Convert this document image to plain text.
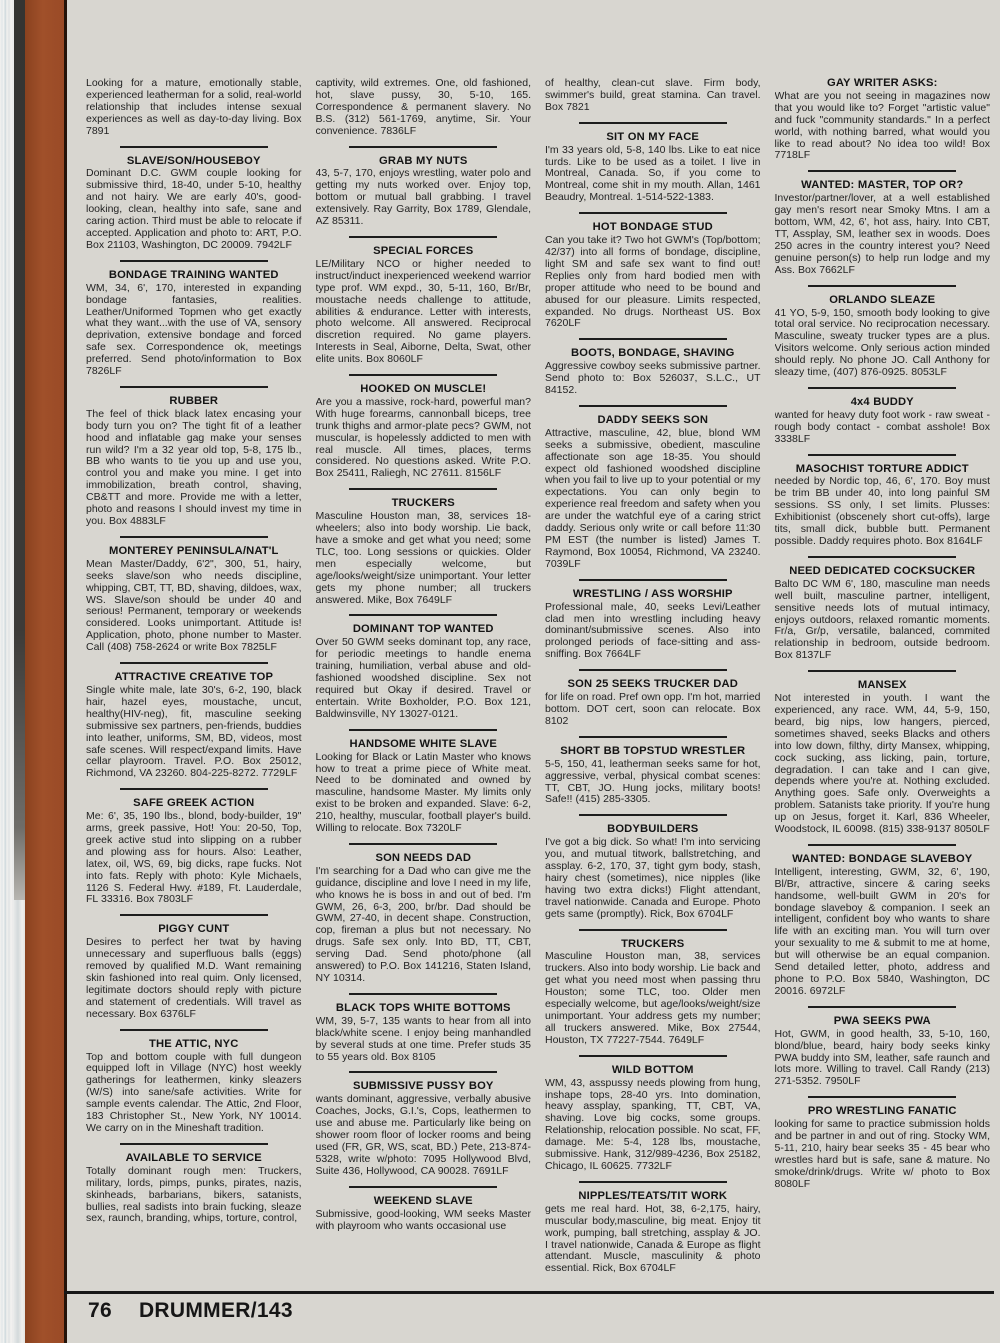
Looking for a mature, emotionally stable, experienced leatherman for a solid, real-world relationship that includes intense sexual experiences as well as day-to-day living. Box 7891

SLAVE/SON/HOUSEBOY

Dominant D.C. GWM couple looking for submissive third, 18-40, under 5-10, healthy and not hairy. We are early 40's, good-looking, clean, healthy into safe, sane and caring action. Third must be able to relocate if accepted. Application and photo to: ART, P.O. Box 21103, Washington, DC 20009. 7942LF

BONDAGE TRAINING WANTED

WM, 34, 6', 170, interested in expanding bondage fantasies, realities. Leather/Uniformed Topmen who get exactly what they want...with the use of VA, sensory deprivation, extensive bondage and forced safe sex. Correspondence ok, meetings preferred. Send photo/information to Box 7826LF

RUBBER

The feel of thick black latex encasing your body turn you on? The tight fit of a leather hood and inflatable gag make your senses run wild? I'm a 32 year old top, 5-8, 175 lb., BB who wants to tie you up and use you, control you and make you mine. I get into immobilization, breath control, shaving, CB&TT and more. Provide me with a letter, photo and reasons I should invest my time in you. Box 4883LF

MONTEREY PENINSULA/NAT'L

Mean Master/Daddy, 6'2", 300, 51, hairy, seeks slave/son who needs discipline, whipping, CBT, TT, BD, shaving, dildoes, wax, WS. Slave/son should be under 40 and serious! Permanent, temporary or weekends considered. Looks unimportant. Attitude is! Application, photo, phone number to Master. Call (408) 758-2624 or write Box 7825LF

ATTRACTIVE CREATIVE TOP

Single white male, late 30's, 6-2, 190, black hair, hazel eyes, moustache, uncut, healthy(HIV-neg), fit, masculine seeking submissive sex partners, pen-friends, buddies into leather, uniforms, SM, BD, videos, most safe scenes. Will respect/expand limits. Have cellar playroom. Travel. P.O. Box 25012, Richmond, VA 23260. 804-225-8272. 7729LF

SAFE GREEK ACTION

Me: 6', 35, 190 lbs., blond, body-builder, 19" arms, greek passive, Hot! You: 20-50, Top, greek active stud into slipping on a rubber and plowing ass for hours. Also: Leather, latex, oil, WS, 69, big dicks, rape fucks. Not into fats. Reply with photo: Kyle Michaels, 1126 S. Federal Hwy. #189, Ft. Lauderdale, FL 33316. Box 7803LF

PIGGY CUNT

Desires to perfect her twat by having unnecessary and superfluous balls (eggs) removed by qualified M.D. Want remaining skin fashioned into real quim. Only licensed, legitimate doctors should reply with picture and statement of credentials. Will travel as necessary. Box 6376LF

THE ATTIC, NYC

Top and bottom couple with full dungeon equipped loft in Village (NYC) host weekly gatherings for leathermen, kinky sleazers (W/S) into sane/safe activities. Write for sample events calendar. The Attic, 2nd Floor, 183 Christopher St., New York, NY 10014. We carry on in the Mineshaft tradition.

AVAILABLE TO SERVICE

Totally dominant rough men: Truckers, military, lords, pimps, punks, pirates, nazis, skinheads, barbarians, bikers, satanists, bullies, real sadists into brain fucking, sleaze sex, raunch, branding, whips, torture, control,

captivity, wild extremes. One, old fashioned, hot, slave pussy, 30, 5-10, 165. Correspondence & permanent slavery. No B.S. (312) 561-1769, anytime, Sir. Your convenience. 7836LF

GRAB MY NUTS

43, 5-7, 170, enjoys wrestling, water polo and getting my nuts worked over. Enjoy top, bottom or mutual ball grabbing. I travel extensively. Ray Garrity, Box 1789, Glendale, AZ 85311.

SPECIAL FORCES

LE/Military NCO or higher needed to instruct/induct inexperienced weekend warrior type prof. WM expd., 30, 5-11, 160, Br/Br, moustache needs challenge to attitude, abilities & endurance. Letter with interests, photo welcome. All answered. Reciprocal discretion required. No game players. Interests in Seal, Aiborne, Delta, Swat, other elite units. Box 8060LF

HOOKED ON MUSCLE!

Are you a massive, rock-hard, powerful man? With huge forearms, cannonball biceps, tree trunk thighs and armor-plate pecs? GWM, not muscular, is hopelessly addicted to men with real muscle. All times, places, terms considered. No questions asked. Write P.O. Box 25411, Raliegh, NC 27611. 8156LF

TRUCKERS

Masculine Houston man, 38, services 18-wheelers; also into body worship. Lie back, have a smoke and get what you need; some TLC, too. Long sessions or quickies. Older men especially welcome, but age/looks/weight/size unimportant. Your letter gets my phone number; all truckers answered. Mike, Box 7649LF

DOMINANT TOP WANTED

Over 50 GWM seeks dominant top, any race, for periodic meetings to handle enema training, humiliation, verbal abuse and old-fashioned woodshed discipline. Sex not required but Okay if desired. Travel or entertain. Write Boxholder, P.O. Box 121, Baldwinsville, NY 13027-0121.

HANDSOME WHITE SLAVE

Looking for Black or Latin Master who knows how to treat a prime piece of White meat. Need to be dominated and owned by masculine, handsome Master. My limits only exist to be broken and expanded. Slave: 6-2, 210, healthy, muscular, football player's build. Willing to relocate. Box 7320LF

SON NEEDS DAD

I'm searching for a Dad who can give me the guidance, discipline and love I need in my life, who knows he is boss in and out of bed. I'm GWM, 26, 6-3, 200, br/br. Dad should be GWM, 27-40, in decent shape. Construction, cop, fireman a plus but not necessary. No drugs. Safe sex only. Into BD, TT, CBT, serving Dad. Send photo/phone (all answered) to P.O. Box 141216, Staten Island, NY 10314.

BLACK TOPS WHITE BOTTOMS

WM, 39, 5-7, 135 wants to hear from all into black/white scene. I enjoy being manhandled by several studs at one time. Prefer studs 35 to 55 years old. Box 8105

SUBMISSIVE PUSSY BOY

wants dominant, aggressive, verbally abusive Coaches, Jocks, G.I.'s, Cops, leathermen to use and abuse me. Particularly like being on shower room floor of locker rooms and being used (FR, GR, WS, scat, BD.) Pete, 213-874-5328, write w/photo: 7095 Hollywood Blvd, Suite 436, Hollywood, CA 90028. 7691LF

WEEKEND SLAVE

Submissive, good-looking, WM seeks Master with playroom who wants occasional use

of healthy, clean-cut slave. Firm body, swimmer's build, great stamina. Can travel. Box 7821

SIT ON MY FACE

I'm 33 years old, 5-8, 140 lbs. Like to eat nice turds. Like to be used as a toilet. I live in Montreal, Canada. So, if you come to Montreal, come shit in my mouth. Allan, 1461 Beaudry, Montreal. 1-514-522-1383.

HOT BONDAGE STUD

Can you take it? Two hot GWM's (Top/bottom; 42/37) into all forms of bondage, discipline, light SM and safe sex want to find out! Replies only from hard bodied men with proper attitude who need to be bound and abused for our pleasure. Limits respected, expanded. No drugs. Northeast US. Box 7620LF

BOOTS, BONDAGE, SHAVING

Aggressive cowboy seeks submissive partner. Send photo to: Box 526037, S.L.C., UT 84152.

DADDY SEEKS SON

Attractive, masculine, 42, blue, blond WM seeks a submissive, obedient, masculine affectionate son age 18-35. You should expect old fashioned woodshed discipline when you fail to live up to your potential or my expectations. You can only begin to experience real freedom and safety when you are under the watchful eye of a caring strict daddy. Serious only write or call before 11:30 PM EST (the number is listed) James T. Raymond, Box 10054, Richmond, VA 23240. 7039LF

WRESTLING / ASS WORSHIP

Professional male, 40, seeks Levi/Leather clad men into wrestling including heavy dominant/submissive scenes. Also into prolonged periods of face-sitting and ass-sniffing. Box 7664LF

SON 25 SEEKS TRUCKER DAD

for life on road. Pref own opp. I'm hot, married bottom. DOT cert, soon can relocate. Box 8102

SHORT BB TOPSTUD WRESTLER

5-5, 150, 41, leatherman seeks same for hot, aggressive, verbal, physical combat scenes: TT, CBT, JO. Hung jocks, military boots! Safe!! (415) 285-3305.

BODYBUILDERS

I've got a big dick. So what! I'm into servicing you, and mutual titwork, ballstretching, and assplay. 6-2, 170, 37, tight gym body, stash, hairy chest (sometimes), nice nipples (like having two extra dicks!) Flight attendant, travel nationwide. Canada and Europe. Photo gets same (promptly). Rick, Box 6704LF

TRUCKERS

Masculine Houston man, 38, services truckers. Also into body worship. Lie back and get what you need most when passing thru Houston; some TLC, too. Older men especially welcome, but age/looks/weight/size unimportant. Your address gets my number; all truckers answered. Mike, Box 27544, Houston, TX 77227-7544. 7649LF

WILD BOTTOM

WM, 43, asspussy needs plowing from hung, inshape tops, 28-40 yrs. Into domination, heavy assplay, spanking, TT, CBT, VA, shaving. Love big cocks, some groups. Relationship, relocation possible. No scat, FF, damage. Me: 5-4, 128 lbs, moustache, submissive. Hank, 312/989-4236, Box 25182, Chicago, IL 60625. 7732LF

NIPPLES/TEATS/TIT WORK

gets me real hard. Hot, 38, 6-2,175, hairy, muscular body,masculine, big meat. Enjoy tit work, pumping, ball stretching, assplay & JO. I travel nationwide, Canada & Europe as flight attendant. Muscle, masculinity & photo essential. Rick, Box 6704LF

GAY WRITER ASKS:

What are you not seeing in magazines now that you would like to? Forget "artistic value" and fuck "community standards." In a perfect world, with nothing barred, what would you like to read about? No idea too wild! Box 7718LF

WANTED: MASTER, TOP OR?

Investor/partner/lover, at a well established gay men's resort near Smoky Mtns. I am a bottom, WM, 42, 6', hot ass, hairy. Into CBT, TT, Assplay, SM, leather sex in woods. Does 250 acres in the country interest you? Need genuine person(s) to help run lodge and my Ass. Box 7662LF

ORLANDO SLEAZE

41 YO, 5-9, 150, smooth body looking to give total oral service. No reciprocation necessary. Masculine, sweaty trucker types are a plus. Visitors welcome. Only serious action minded should reply. No phone JO. Call Anthony for sleazy time, (407) 876-0925. 8053LF

4x4 BUDDY

wanted for heavy duty foot work - raw sweat - rough body contact - combat asshole! Box 3338LF

MASOCHIST TORTURE ADDICT

needed by Nordic top, 46, 6', 170. Boy must be trim BB under 40, into long painful SM sessions. SS only, I set limits. Plusses: Exhibitionist (obscenely short cut-offs), large tits, small dick, bubble butt. Permanent possible. Daddy requires photo. Box 8164LF

NEED DEDICATED COCKSUCKER

Balto DC WM 6', 180, masculine man needs well built, masculine partner, intelligent, sensitive needs lots of mutual intimacy, enjoys outdoors, relaxed romantic moments. Fr/a, Gr/p, versatile, balanced, commited relationship in bedroom, outside bedroom. Box 8137LF

MANSEX

Not interested in youth. I want the experienced, any race. WM, 44, 5-9, 150, beard, big nips, low hangers, pierced, sometimes shaved, seeks Blacks and others into low down, filthy, dirty Mansex, whipping, cock sucking, ass licking, pain, torture, degradation. I can take and I can give, depends where you're at. Nothing excluded. Anything goes. Safe only. Overweights a problem. Satanists take priority. If you're hung up on Jesus, forget it. Karl, 836 Wheeler, Woodstock, IL 60098. (815) 338-9137 8050LF

WANTED: BONDAGE SLAVEBOY

Intelligent, interesting, GWM, 32, 6', 190, Bl/Br, attractive, sincere & caring seeks handsome, well-built GWM in 20's for bondage slaveboy & companion. I seek an intelligent, confident boy who wants to share life with an exciting man. You will turn over your sexuality to me & submit to me at home, but will otherwise be an equal companion. Send detailed letter, photo, address and phone to P.O. Box 5840, Washington, DC 20016. 6972LF

PWA SEEKS PWA

Hot, GWM, in good health, 33, 5-10, 160, blond/blue, beard, hairy body seeks kinky PWA buddy into SM, leather, safe raunch and lots more. Willing to travel. Call Randy (213) 271-5352. 7950LF

PRO WRESTLING FANATIC

looking for same to practice submission holds and be partner in and out of ring. Stocky WM, 5-11, 210, hairy bear seeks 35 - 45 bear who wrestles hard but is safe, sane & mature. No smoke/drink/drugs. Write w/ photo to Box 8080LF

76 DRUMMER/143
